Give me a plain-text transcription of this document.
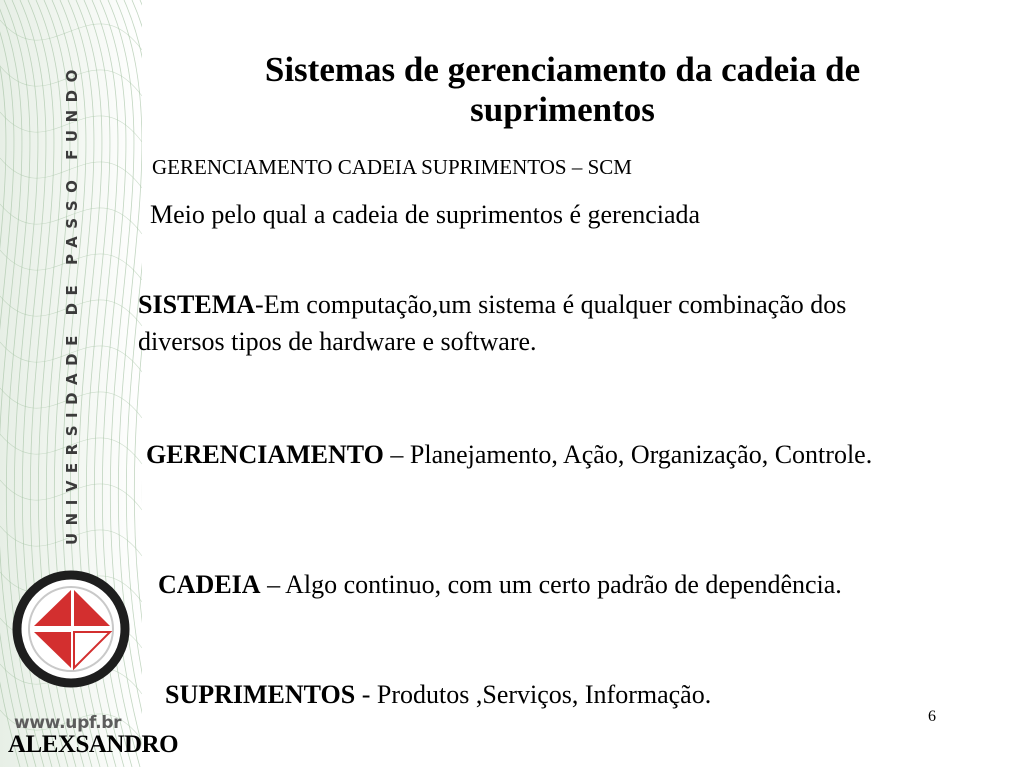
UNIVERSIDADE DE PASSO FUNDO
www.upf.br
ALEXSANDRO
Sistemas de gerenciamento da cadeia de suprimentos
GERENCIAMENTO CADEIA SUPRIMENTOS – SCM
Meio pelo qual a cadeia de suprimentos é gerenciada
SISTEMA-Em computação,um sistema é qualquer combinação dos diversos tipos de hardware e software.
GERENCIAMENTO – Planejamento, Ação, Organização, Controle.
CADEIA – Algo continuo, com um certo padrão de dependência.
SUPRIMENTOS - Produtos ,Serviços, Informação.
6
